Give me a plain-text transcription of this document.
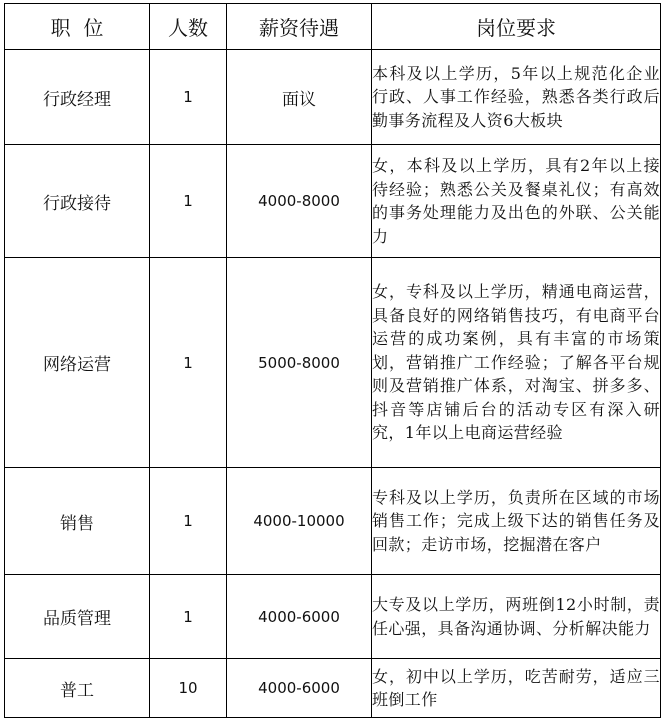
职  位	人数	薪资待遇	岗位要求
行政经理	1	面议	本科及以上学历，5年以上规范化企业行政、人事工作经验，熟悉各类行政后勤事务流程及人资6大板块
行政接待	1	4000-8000	女，本科及以上学历，具有2年以上接待经验；熟悉公关及餐桌礼仪；有高效的事务处理能力及出色的外联、公关能力
网络运营	1	5000-8000	女，专科及以上学历，精通电商运营，具备良好的网络销售技巧，有电商平台运营的成功案例，具有丰富的市场策划，营销推广工作经验；了解各平台规则及营销推广体系，对淘宝、拼多多、抖音等店铺后台的活动专区有深入研究，1年以上电商运营经验
销售	1	4000-10000	专科及以上学历，负责所在区域的市场销售工作；完成上级下达的销售任务及回款；走访市场，挖掘潜在客户
品质管理	1	4000-6000	大专及以上学历，两班倒12小时制，责任心强，具备沟通协调、分析解决能力
普工	10	4000-6000	女，初中以上学历，吃苦耐劳，适应三班倒工作
